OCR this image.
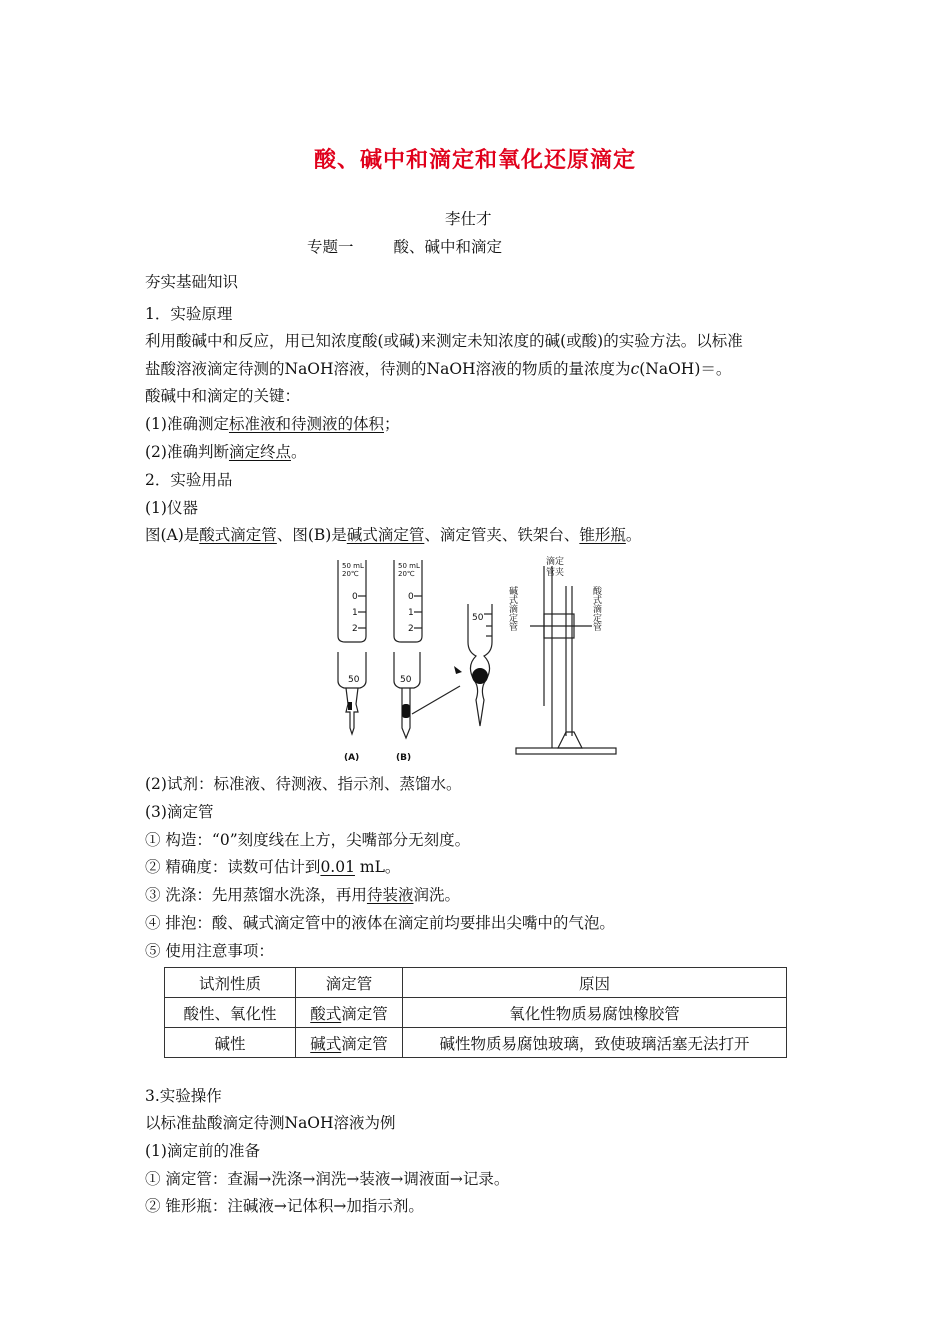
酸、碱中和滴定和氧化还原滴定
李仕才
专题一	酸、碱中和滴定
夯实基础知识
1．实验原理
利用酸碱中和反应，用已知浓度酸(或碱)来测定未知浓度的碱(或酸)的实验方法。以标准
盐酸溶液滴定待测的NaOH溶液，待测的NaOH溶液的物质的量浓度为c(NaOH)＝。
酸碱中和滴定的关键：
(1)准确测定标准液和待测液的体积；
(2)准确判断滴定终点。
2．实验用品
(1)仪器
图(A)是酸式滴定管、图(B)是碱式滴定管、滴定管夹、铁架台、锥形瓶。
50 mL
20℃
50 mL
20℃
0
1
2
0
1
2
50	50
50
(A)	(B)
滴定
管夹
碱式滴定管	酸式滴定管
(2)试剂：标准液、待测液、指示剂、蒸馏水。
(3)滴定管
① 构造：“0”刻度线在上方，尖嘴部分无刻度。
② 精确度：读数可估计到0.01 mL。
③ 洗涤：先用蒸馏水洗涤，再用待装液润洗。
④ 排泡：酸、碱式滴定管中的液体在滴定前均要排出尖嘴中的气泡。
⑤ 使用注意事项：
试剂性质	滴定管	原因
酸性、氧化性	酸式滴定管	氧化性物质易腐蚀橡胶管
碱性	碱式滴定管	碱性物质易腐蚀玻璃，致使玻璃活塞无法打开
3.实验操作
以标准盐酸滴定待测NaOH溶液为例
(1)滴定前的准备
① 滴定管：查漏→洗涤→润洗→装液→调液面→记录。
② 锥形瓶：注碱液→记体积→加指示剂。
